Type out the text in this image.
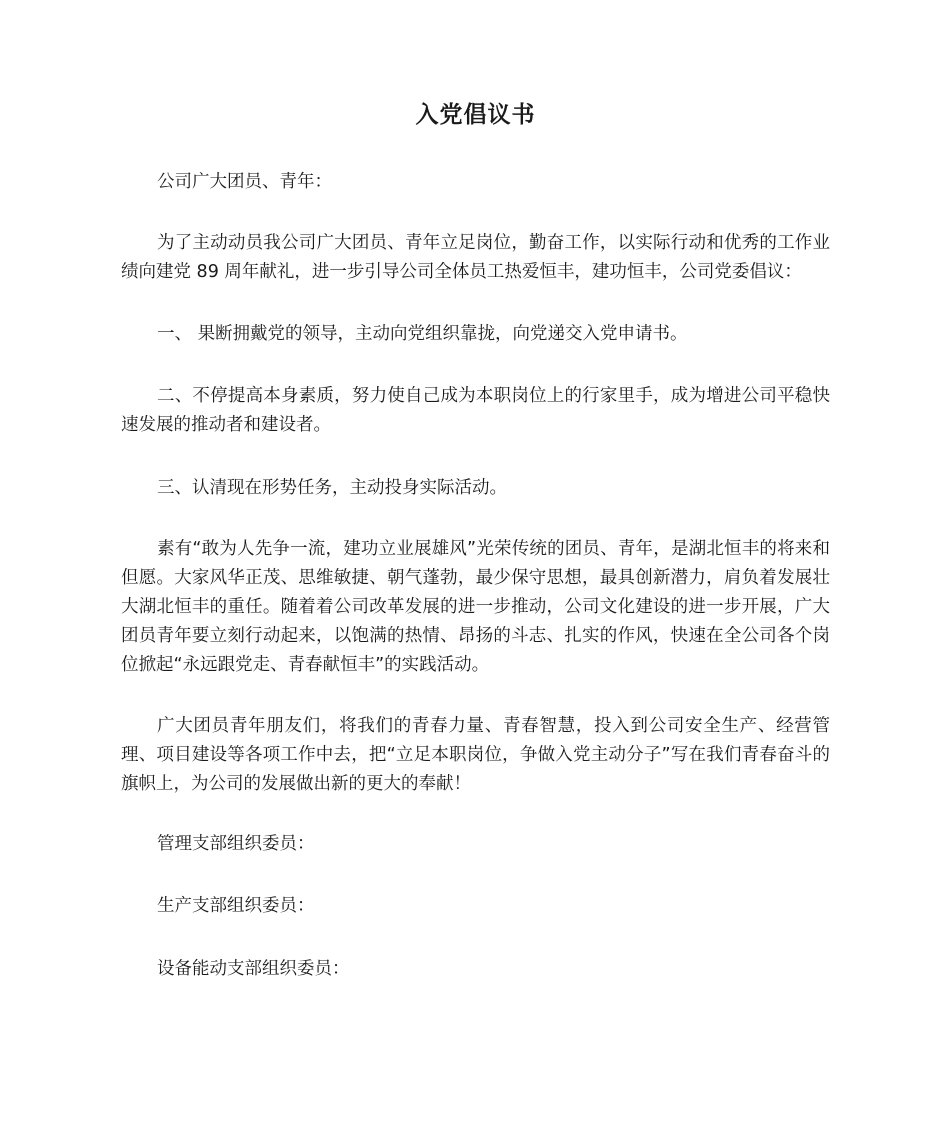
入党倡议书

公司广大团员、青年：

为了主动动员我公司广大团员、青年立足岗位，勤奋工作，以实际行动和优秀的工作业绩向建党 89 周年献礼，进一步引导公司全体员工热爱恒丰，建功恒丰，公司党委倡议：

一、 果断拥戴党的领导，主动向党组织靠拢，向党递交入党申请书。

二、不停提高本身素质，努力使自己成为本职岗位上的行家里手，成为增进公司平稳快速发展的推动者和建设者。

三、认清现在形势任务，主动投身实际活动。

素有“敢为人先争一流，建功立业展雄风”光荣传统的团员、青年，是湖北恒丰的将来和但愿。大家风华正茂、思维敏捷、朝气蓬勃，最少保守思想，最具创新潜力，肩负着发展壮大湖北恒丰的重任。随着着公司改革发展的进一步推动，公司文化建设的进一步开展，广大团员青年要立刻行动起来，以饱满的热情、昂扬的斗志、扎实的作风，快速在全公司各个岗位掀起“永远跟党走、青春献恒丰”的实践活动。

广大团员青年朋友们，将我们的青春力量、青春智慧，投入到公司安全生产、经营管理、项目建设等各项工作中去，把“立足本职岗位，争做入党主动分子”写在我们青春奋斗的旗帜上，为公司的发展做出新的更大的奉献！

管理支部组织委员：

生产支部组织委员：

设备能动支部组织委员：
